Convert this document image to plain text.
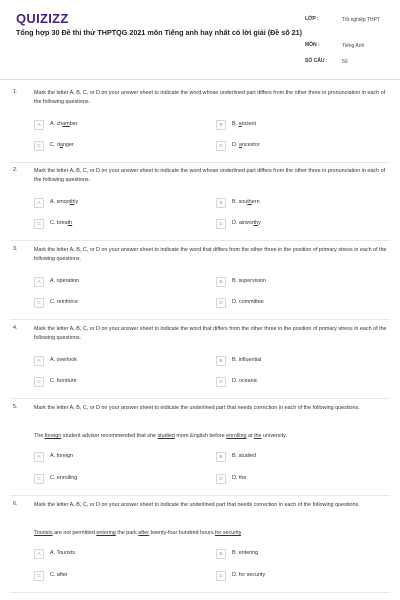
QUIZIZZ
Tổng hợp 30 Đề thi thử THPTQG 2021 môn Tiếng anh hay nhất có lời giải (Đề số 21)
LỚP :	Tốt nghiệp THPT
MÔN :	Tiếng Anh
SỐ CÂU :	50
1.	Mark the letter A, B, C, or D on your answer sheet to indicate the word whose underlined part differs from the other three in pronunciation in each of the following questions.
A	A. chamber	B	B. ancient
C	C. danger	D	D. ancestor
2.	Mark the letter A, B, C, or D on your answer sheet to indicate the word whose underlined part differs from the other three in pronunciation in each of the following questions.
A	A. smoothly	B	B. southern
C	C. breath	D	D. airworthy
3.	Mark the letter A, B, C, or D on your answer sheet to indicate the word that differs from the other three in the position of primary stress in each of the following questions.
A	A. operation	B	B. supervision
C	C. reinforce	D	D. committee
4.	Mark the letter A, B, C, or D on your answer sheet to indicate the word that differs from the other three in the position of primary stress in each of the following questions.
A	A. overlook	B	B. influential
C	C. furniture	D	D. oceanic
5.	Mark the letter A, B, C, or D on your answer sheet to indicate the underlined part that needs correction in each of the following questions.
The foreign student advisor recommended that she studied more English before enrolling at the university.
A	A. foreign	B	B. studied
C	C. enrolling	D	D. the
6.	Mark the letter A, B, C, or D on your answer sheet to indicate the underlined part that needs correction in each of the following questions.
Tourists are not permitted entering the park after twenty-four hundred hours for security.
A	A. Tourists	B	B. entering
C	C. after	D	D. for security
